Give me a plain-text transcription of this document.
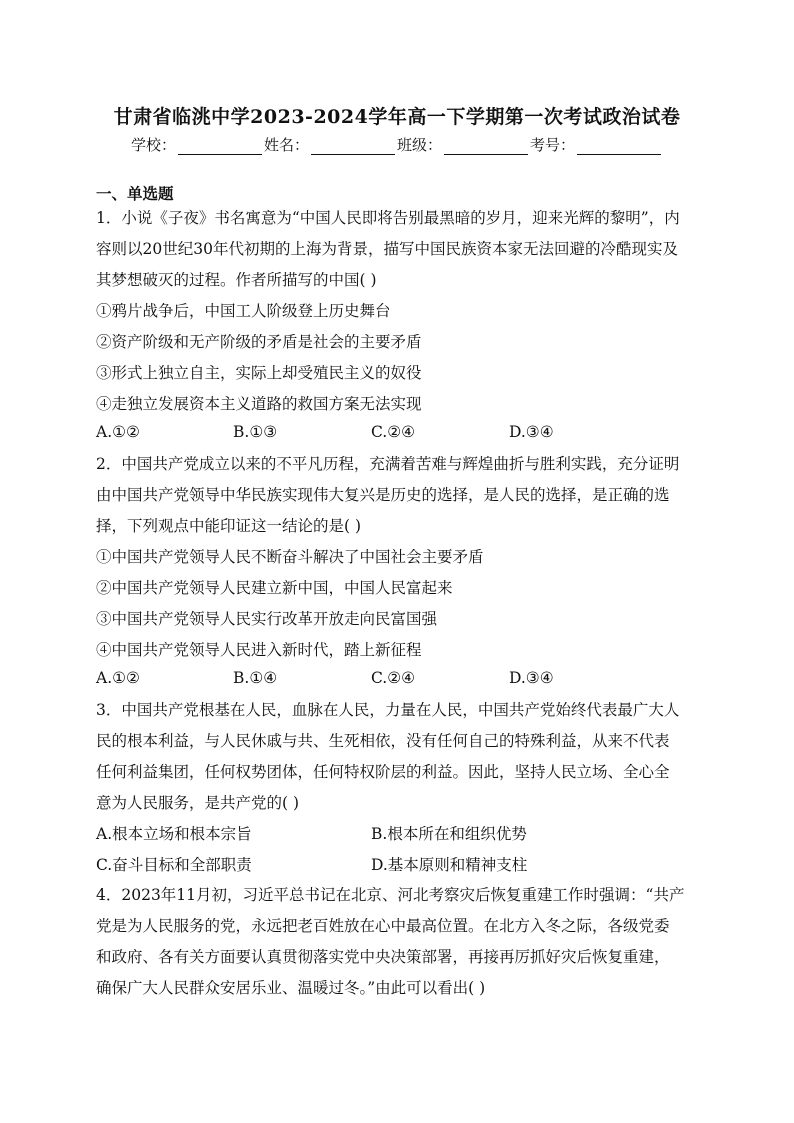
甘肃省临洮中学2023-2024学年高一下学期第一次考试政治试卷
学校：	姓名：	班级：	考号：
一、单选题
1．小说《子夜》书名寓意为“中国人民即将告别最黑暗的岁月，迎来光辉的黎明”，内
容则以20世纪30年代初期的上海为背景，描写中国民族资本家无法回避的冷酷现实及
其梦想破灭的过程。作者所描写的中国( )
①鸦片战争后，中国工人阶级登上历史舞台
②资产阶级和无产阶级的矛盾是社会的主要矛盾
③形式上独立自主，实际上却受殖民主义的奴役
④走独立发展资本主义道路的救国方案无法实现
A.①②	B.①③	C.②④	D.③④
2．中国共产党成立以来的不平凡历程，充满着苦难与辉煌曲折与胜利实践，充分证明
由中国共产党领导中华民族实现伟大复兴是历史的选择，是人民的选择，是正确的选
择，下列观点中能印证这一结论的是( )
①中国共产党领导人民不断奋斗解决了中国社会主要矛盾
②中国共产党领导人民建立新中国，中国人民富起来
③中国共产党领导人民实行改革开放走向民富国强
④中国共产党领导人民进入新时代，踏上新征程
A.①②	B.①④	C.②④	D.③④
3．中国共产党根基在人民，血脉在人民，力量在人民，中国共产党始终代表最广大人
民的根本利益，与人民休戚与共、生死相依，没有任何自己的特殊利益，从来不代表
任何利益集团，任何权势团体，任何特权阶层的利益。因此，坚持人民立场、全心全
意为人民服务，是共产党的( )
A.根本立场和根本宗旨	B.根本所在和组织优势
C.奋斗目标和全部职责	D.基本原则和精神支柱
4．2023年11月初，习近平总书记在北京、河北考察灾后恢复重建工作时强调：“共产
党是为人民服务的党，永远把老百姓放在心中最高位置。在北方入冬之际，各级党委
和政府、各有关方面要认真贯彻落实党中央决策部署，再接再厉抓好灾后恢复重建，
确保广大人民群众安居乐业、温暖过冬。”由此可以看出( )
